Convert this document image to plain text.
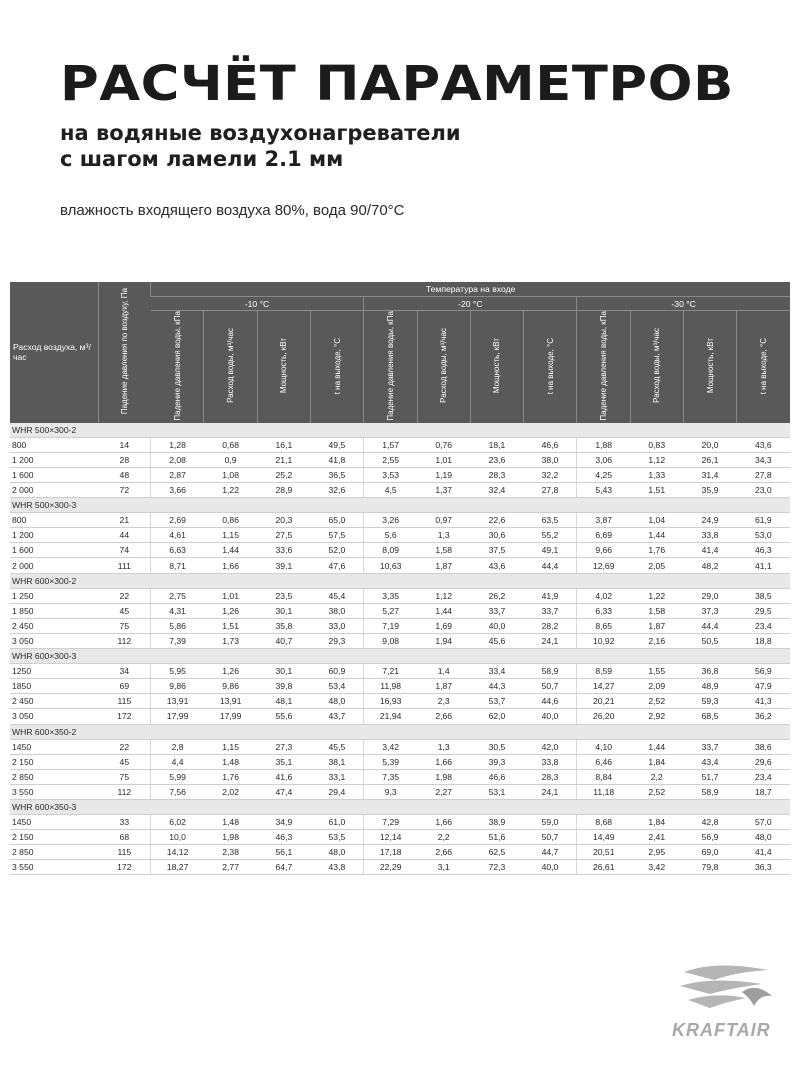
РАСЧЁТ ПАРАМЕТРОВ
на водяные воздухонагреватели
с шагом ламели 2.1 мм
влажность входящего воздуха 80%, вода 90/70°C
Расход воздуха, м³/час	Падение давления по воздуху, Па	Температура на входе											
		-10 °C				-20 °C				-30 °C			
		Падение давления воды, кПа	Расход воды, м³/час	Мощность, кВт	t на выходе, °C	Падение давления воды, кПа	Расход воды, м³/час	Мощность, кВт	t на выходе, °C	Падение давления воды, кПа	Расход воды, м³/час	Мощность, кВт	t на выходе, °C
WHR 500×300-2													
800	14	1,28	0,68	16,1	49,5	1,57	0,76	18,1	46,6	1,88	0,83	20,0	43,6
1 200	28	2,08	0,9	21,1	41,8	2,55	1,01	23,6	38,0	3,06	1,12	26,1	34,3
1 600	48	2,87	1,08	25,2	36,5	3,53	1,19	28,3	32,2	4,25	1,33	31,4	27,8
2 000	72	3,66	1,22	28,9	32,6	4,5	1,37	32,4	27,8	5,43	1,51	35,9	23,0
WHR 500×300-3													
800	21	2,69	0,86	20,3	65,0	3,26	0,97	22,6	63,5	3,87	1,04	24,9	61,9
1 200	44	4,61	1,15	27,5	57,5	5,6	1,3	30,6	55,2	6,69	1,44	33,8	53,0
1 600	74	6,63	1,44	33,6	52,0	8,09	1,58	37,5	49,1	9,66	1,76	41,4	46,3
2 000	111	8,71	1,66	39,1	47,6	10,63	1,87	43,6	44,4	12,69	2,05	48,2	41,1
WHR 600×300-2													
1 250	22	2,75	1,01	23,5	45,4	3,35	1,12	26,2	41,9	4,02	1,22	29,0	38,5
1 850	45	4,31	1,26	30,1	38,0	5,27	1,44	33,7	33,7	6,33	1,58	37,3	29,5
2 450	75	5,86	1,51	35,8	33,0	7,19	1,69	40,0	28,2	8,65	1,87	44,4	23,4
3 050	112	7,39	1,73	40,7	29,3	9,08	1,94	45,6	24,1	10,92	2,16	50,5	18,8
WHR 600×300-3													
1250	34	5,95	1,26	30,1	60,9	7,21	1,4	33,4	58,9	8,59	1,55	36,8	56,9
1850	69	9,86	9,86	39,8	53,4	11,98	1,87	44,3	50,7	14,27	2,09	48,9	47,9
2 450	115	13,91	13,91	48,1	48,0	16,93	2,3	53,7	44,6	20,21	2,52	59,3	41,3
3 050	172	17,99	17,99	55,6	43,7	21,94	2,66	62,0	40,0	26,20	2,92	68,5	36,2
WHR 600×350-2													
1450	22	2,8	1,15	27,3	45,5	3,42	1,3	30,5	42,0	4,10	1,44	33,7	38,6
2 150	45	4,4	1,48	35,1	38,1	5,39	1,66	39,3	33,8	6,46	1,84	43,4	29,6
2 850	75	5,99	1,76	41,6	33,1	7,35	1,98	46,6	28,3	8,84	2,2	51,7	23,4
3 550	112	7,56	2,02	47,4	29,4	9,3	2,27	53,1	24,1	11,18	2,52	58,9	18,7
WHR 600×350-3													
1450	33	6,02	1,48	34,9	61,0	7,29	1,66	38,9	59,0	8,68	1,84	42,8	57,0
2 150	68	10,0	1,98	46,3	53,5	12,14	2,2	51,6	50,7	14,49	2,41	56,9	48,0
2 850	115	14,12	2,38	56,1	48,0	17,18	2,66	62,5	44,7	20,51	2,95	69,0	41,4
3 550	172	18,27	2,77	64,7	43,8	22,29	3,1	72,3	40,0	26,61	3,42	79,8	36,3
KRAFTAIR
